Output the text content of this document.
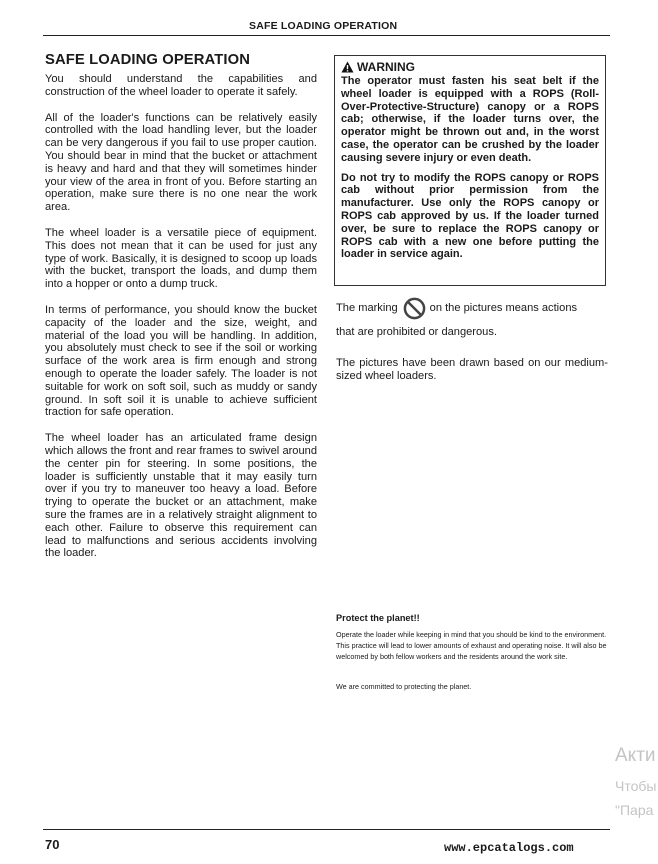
SAFE LOADING OPERATION
SAFE LOADING OPERATION

You should understand the capabilities and construction of the wheel loader to operate it safely.

All of the loader's functions can be relatively easily controlled with the load handling lever, but the loader can be very dangerous if you fail to use proper caution. You should bear in mind that the bucket or attachment is heavy and hard and that they will sometimes hinder your view of the area in front of you. Before starting an operation, make sure there is no one near the work area.

The wheel loader is a versatile piece of equipment. This does not mean that it can be used for just any type of work. Basically, it is designed to scoop up loads with the bucket, transport the loads, and dump them into a hopper or onto a dump truck.

In terms of performance, you should know the bucket capacity of the loader and the size, weight, and material of the load you will be handling. In addition, you absolutely must check to see if the soil or working surface of the work area is firm enough and strong enough to operate the loader safely. The loader is not suitable for work on soft soil, such as muddy or sandy ground. In soft soil it is unable to achieve sufficient traction for safe operation.

The wheel loader has an articulated frame design which allows the front and rear frames to swivel around the center pin for steering. In some positions, the loader is sufficiently unstable that it may easily turn over if you try to maneuver too heavy a load. Before trying to operate the bucket or an attachment, make sure the frames are in a relatively straight alignment to each other. Failure to observe this requirement can lead to malfunctions and serious accidents involving the loader.

WARNING

The operator must fasten his seat belt if the wheel loader is equipped with a ROPS (Roll-Over-Protective-Structure) canopy or a ROPS cab; otherwise, if the loader turns over, the operator might be thrown out and, in the worst case, the operator can be crushed by the loader causing severe injury or even death.

Do not try to modify the ROPS canopy or ROPS cab without prior permission from the manufacturer. Use only the ROPS canopy or ROPS cab approved by us. If the loader turned over, be sure to replace the ROPS canopy or ROPS cab with a new one before putting the loader in service again.

The marking	on the pictures means actions
that are prohibited or dangerous.
The pictures have been drawn based on our medium-sized wheel loaders.
Protect the planet!!

Operate the loader while keeping in mind that you should be kind to the environment. This practice will lead to lower amounts of exhaust and operating noise. It will also be welcomed by both fellow workers and the residents around the work site.

We are committed to protecting the planet.
70	www.epcatalogs.com
Акти
Чтобы
"Пара
